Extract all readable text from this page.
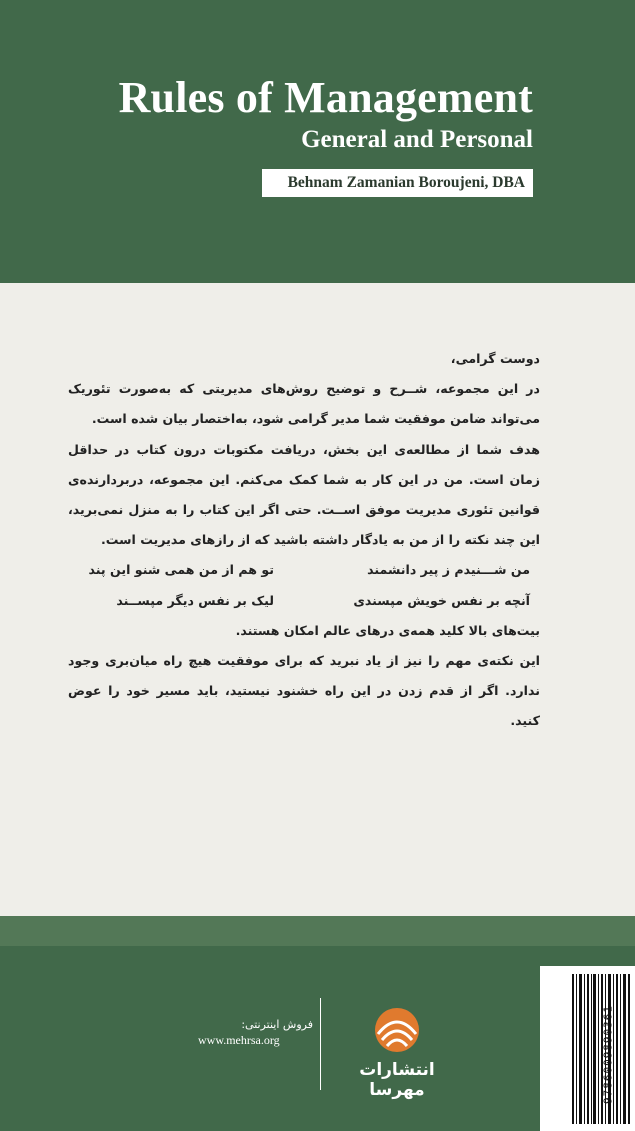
Rules of Management
General and Personal
Behnam Zamanian Boroujeni, DBA

دوست گرامی،

در این مجموعه، شــرح و توضیح روش‌های مدیریتی که به‌صورت تئوریک می‌تواند ضامن موفقیت شما مدیر گرامی شود، به‌اختصار بیان شده است.

هدف شما از مطالعه‌ی این بخش، دریافت مکتوبات درون کتاب در حداقل زمان است. من در این کار به شما کمک می‌کنم. این مجموعه، دربردارنده‌ی قوانین تئوری مدیریت موفق اســت. حتی اگر این کتاب را به منزل نمی‌برید، این چند نکته را از من به یادگار داشته باشید که از رازهای مدیریت است.

من شـــنیدم ز پیر دانشمند
تو هم از من همی شنو این پند
آنچه بر نفس خویش مپسندی
لیک بر نفس دیگر مپســند

بیت‌های بالا کلید همه‌ی درهای عالم امکان هستند.

این نکته‌ی مهم را نیز از یاد نبرید که برای موفقیت هیچ راه میان‌بری وجود ندارد. اگر از قدم زدن در این راه خشنود نیستید، باید مسیر خود را عوض کنید.

انتشارات مهرسا
فروش اینترنتی:
www.mehrsa.org	9786009890361
